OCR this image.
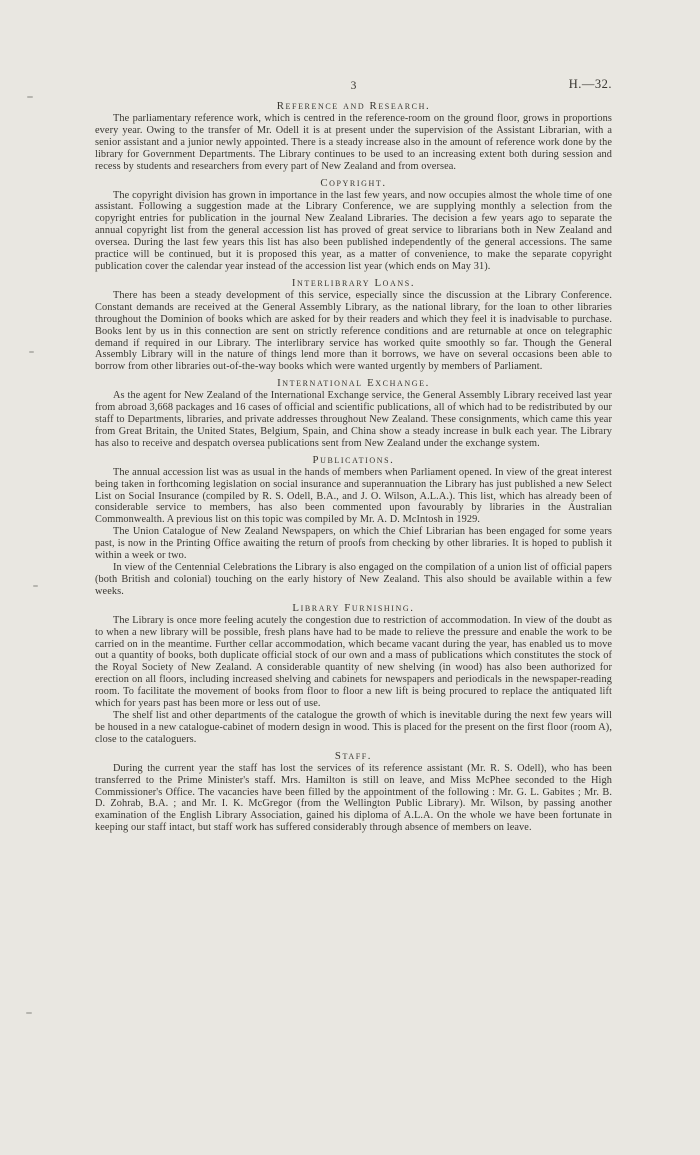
3	H.—32.
Reference and Research.

The parliamentary reference work, which is centred in the reference-room on the ground floor, grows in proportions every year. Owing to the transfer of Mr. Odell it is at present under the supervision of the Assistant Librarian, with a senior assistant and a junior newly appointed. There is a steady increase also in the amount of reference work done by the library for Government Departments. The Library continues to be used to an increasing extent both during session and recess by students and researchers from every part of New Zealand and from oversea.

Copyright.

The copyright division has grown in importance in the last few years, and now occupies almost the whole time of one assistant. Following a suggestion made at the Library Conference, we are supplying monthly a selection from the copyright entries for publication in the journal New Zealand Libraries. The decision a few years ago to separate the annual copyright list from the general accession list has proved of great service to librarians both in New Zealand and oversea. During the last few years this list has also been published independently of the general accessions. The same practice will be continued, but it is proposed this year, as a matter of convenience, to make the separate copyright publication cover the calendar year instead of the accession list year (which ends on May 31).

Interlibrary Loans.

There has been a steady development of this service, especially since the discussion at the Library Conference. Constant demands are received at the General Assembly Library, as the national library, for the loan to other libraries throughout the Dominion of books which are asked for by their readers and which they feel it is inadvisable to purchase. Books lent by us in this connection are sent on strictly reference conditions and are returnable at once on telegraphic demand if required in our Library. The interlibrary service has worked quite smoothly so far. Though the General Assembly Library will in the nature of things lend more than it borrows, we have on several occasions been able to borrow from other libraries out-of-the-way books which were wanted urgently by members of Parliament.

International Exchange.

As the agent for New Zealand of the International Exchange service, the General Assembly Library received last year from abroad 3,668 packages and 16 cases of official and scientific publications, all of which had to be redistributed by our staff to Departments, libraries, and private addresses throughout New Zealand. These consignments, which came this year from Great Britain, the United States, Belgium, Spain, and China show a steady increase in bulk each year. The Library has also to receive and despatch oversea publications sent from New Zealand under the exchange system.

Publications.

The annual accession list was as usual in the hands of members when Parliament opened. In view of the great interest being taken in forthcoming legislation on social insurance and superannuation the Library has just published a new Select List on Social Insurance (compiled by R. S. Odell, B.A., and J. O. Wilson, A.L.A.). This list, which has already been of considerable service to members, has also been commented upon favourably by libraries in the Australian Commonwealth. A previous list on this topic was compiled by Mr. A. D. McIntosh in 1929.

The Union Catalogue of New Zealand Newspapers, on which the Chief Librarian has been engaged for some years past, is now in the Printing Office awaiting the return of proofs from checking by other libraries. It is hoped to publish it within a week or two.

In view of the Centennial Celebrations the Library is also engaged on the compilation of a union list of official papers (both British and colonial) touching on the early history of New Zealand. This also should be available within a few weeks.

Library Furnishing.

The Library is once more feeling acutely the congestion due to restriction of accommodation. In view of the doubt as to when a new library will be possible, fresh plans have had to be made to relieve the pressure and enable the work to be carried on in the meantime. Further cellar accommodation, which became vacant during the year, has enabled us to move out a quantity of books, both duplicate official stock of our own and a mass of publications which constitutes the stock of the Royal Society of New Zealand. A considerable quantity of new shelving (in wood) has also been authorized for erection on all floors, including increased shelving and cabinets for newspapers and periodicals in the newspaper-reading room. To facilitate the movement of books from floor to floor a new lift is being procured to replace the antiquated lift which for years past has been more or less out of use.

The shelf list and other departments of the catalogue the growth of which is inevitable during the next few years will be housed in a new catalogue-cabinet of modern design in wood. This is placed for the present on the first floor (room A), close to the cataloguers.

Staff.

During the current year the staff has lost the services of its reference assistant (Mr. R. S. Odell), who has been transferred to the Prime Minister's staff. Mrs. Hamilton is still on leave, and Miss McPhee seconded to the High Commissioner's Office. The vacancies have been filled by the appointment of the following : Mr. G. L. Gabites ; Mr. B. D. Zohrab, B.A. ; and Mr. I. K. McGregor (from the Wellington Public Library). Mr. Wilson, by passing another examination of the English Library Association, gained his diploma of A.L.A. On the whole we have been fortunate in keeping our staff intact, but staff work has suffered considerably through absence of members on leave.
